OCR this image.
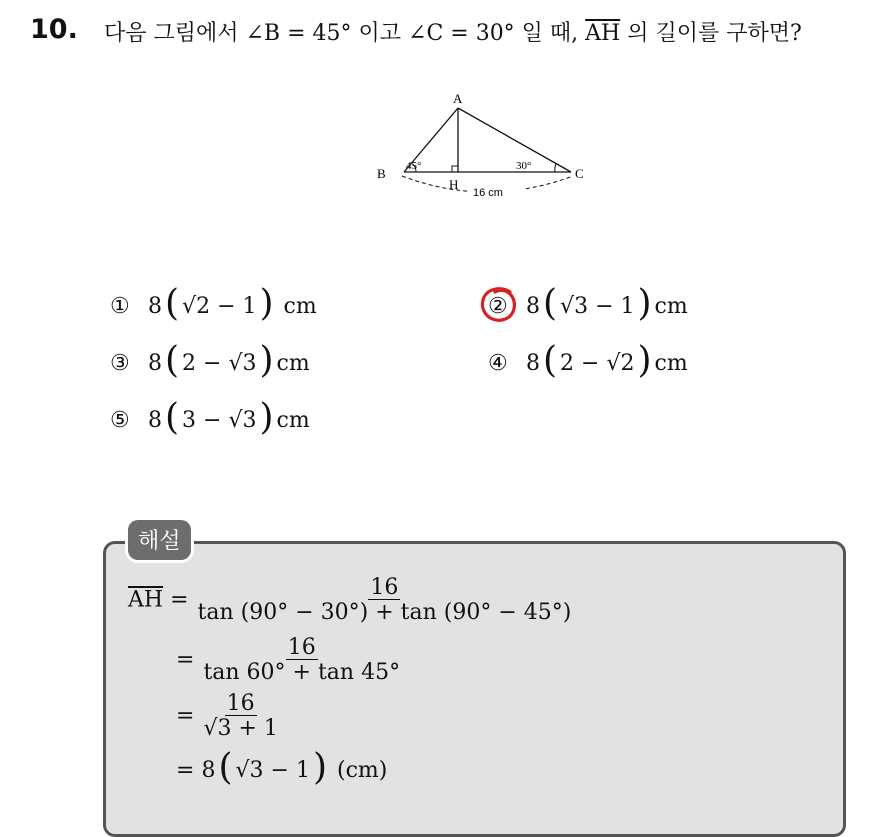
10. 다음 그림에서 ∠B = 45° 이고 ∠C = 30° 일 때, $\overline{AH}$ 의 길이를 구하면?
A
B	C
H
45°	30°
16 cm
① 8 ( √2
−
1 )
cm	② 8 ( √3
−
1 ) cm
③ 8 ( 2
−
√3 ) cm	④ 8 ( 2
−
√2 ) cm
⑤ 8 ( 3
−
√3 ) cm
해설
$\overline{AH} = \frac{16}{\tan (90^\circ - 30^\circ) + \tan (90^\circ - 45^\circ)}$
= $\frac{16}{\tan 60^\circ + \tan 45^\circ}$
= $\frac{16}{√3 + 1}$
=
8 ( √3
−
1 )
(cm)
